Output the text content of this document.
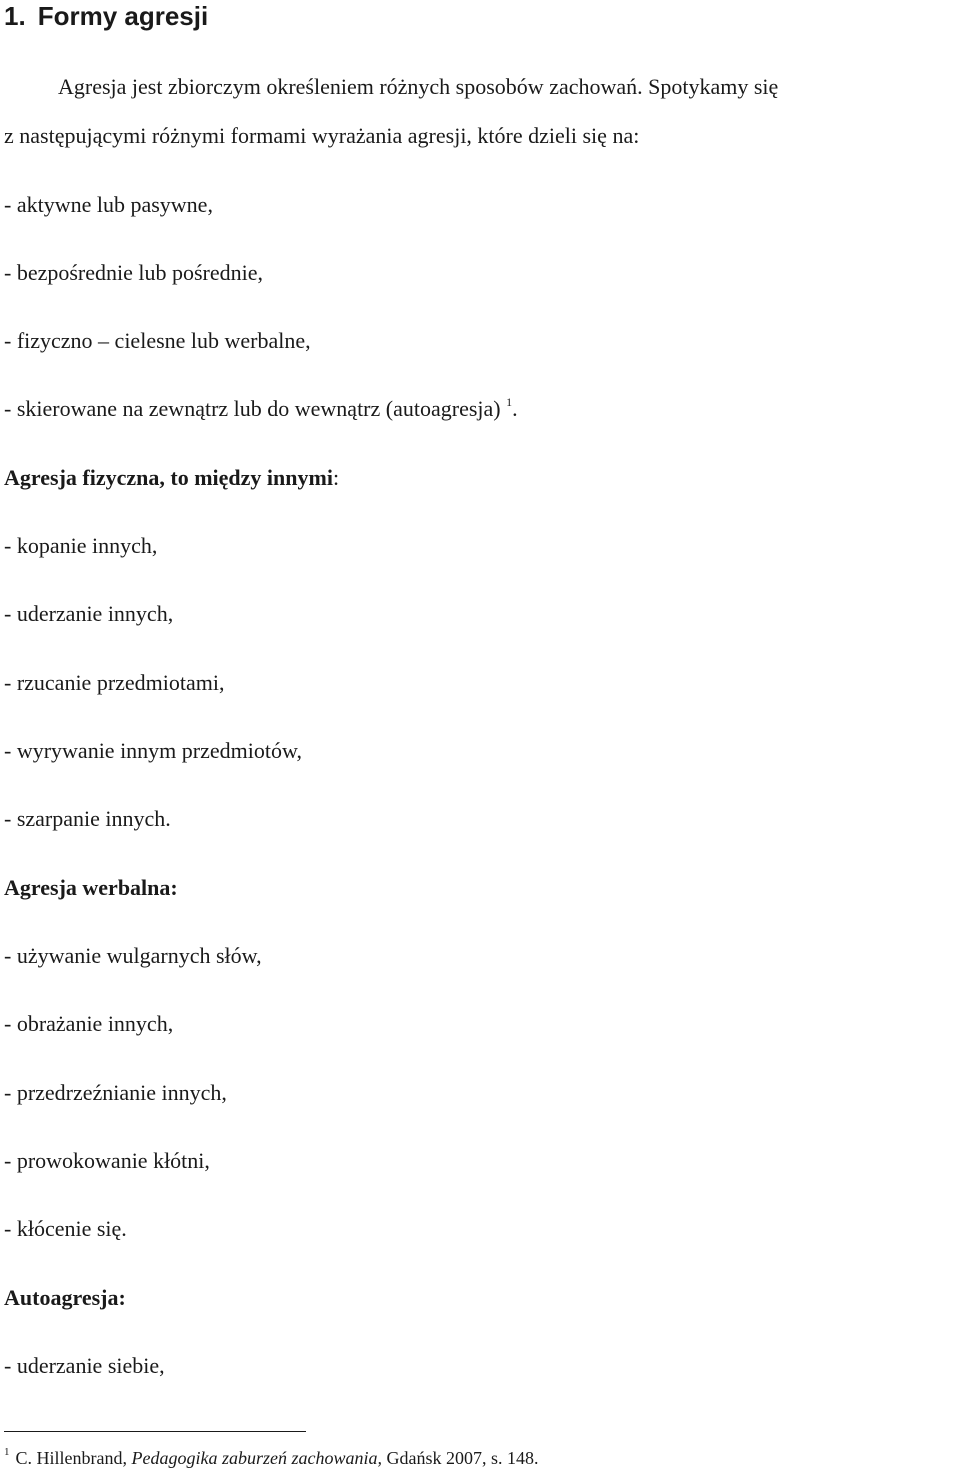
1. Formy agresji
Agresja jest zbiorczym określeniem różnych sposobów zachowań. Spotykamy się
z następującymi różnymi formami wyrażania agresji, które dzieli się na:
- aktywne lub pasywne,
- bezpośrednie lub pośrednie,
- fizyczno – cielesne lub werbalne,
- skierowane na zewnątrz lub do wewnątrz (autoagresja) $^1$.
Agresja fizyczna, to między innymi:
- kopanie innych,
- uderzanie innych,
- rzucanie przedmiotami,
- wyrywanie innym przedmiotów,
- szarpanie innych.
Agresja werbalna:
- używanie wulgarnych słów,
- obrażanie innych,
- przedrzeźnianie innych,
- prowokowanie kłótni,
- kłócenie się.
Autoagresja:
- uderzanie siebie,
$^1$ C. Hillenbrand, Pedagogika zaburzeń zachowania, Gdańsk 2007, s. 148.
